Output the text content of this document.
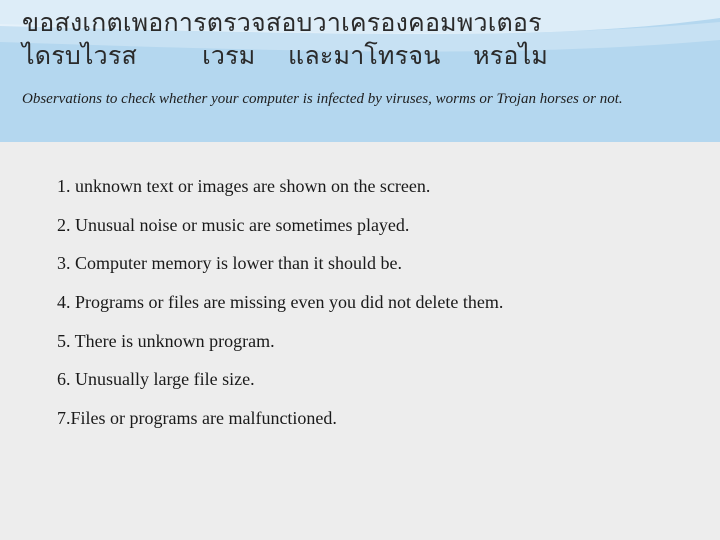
ขอสงเกตเพอการตรวจสอบวาเครองคอมพวเตอร
ไดรบไวรส        เวรม    และมาโทรจน    หรอไม
Observations to check whether your computer is infected by viruses, worms or Trojan horses or not.
1. unknown text or images are shown on the screen.
2. Unusual noise or music are sometimes played.
3. Computer memory is lower than it should be.
4. Programs or files are missing even you did not delete them.
5. There is unknown program.
6. Unusually large file size.
7.Files or programs are malfunctioned.
